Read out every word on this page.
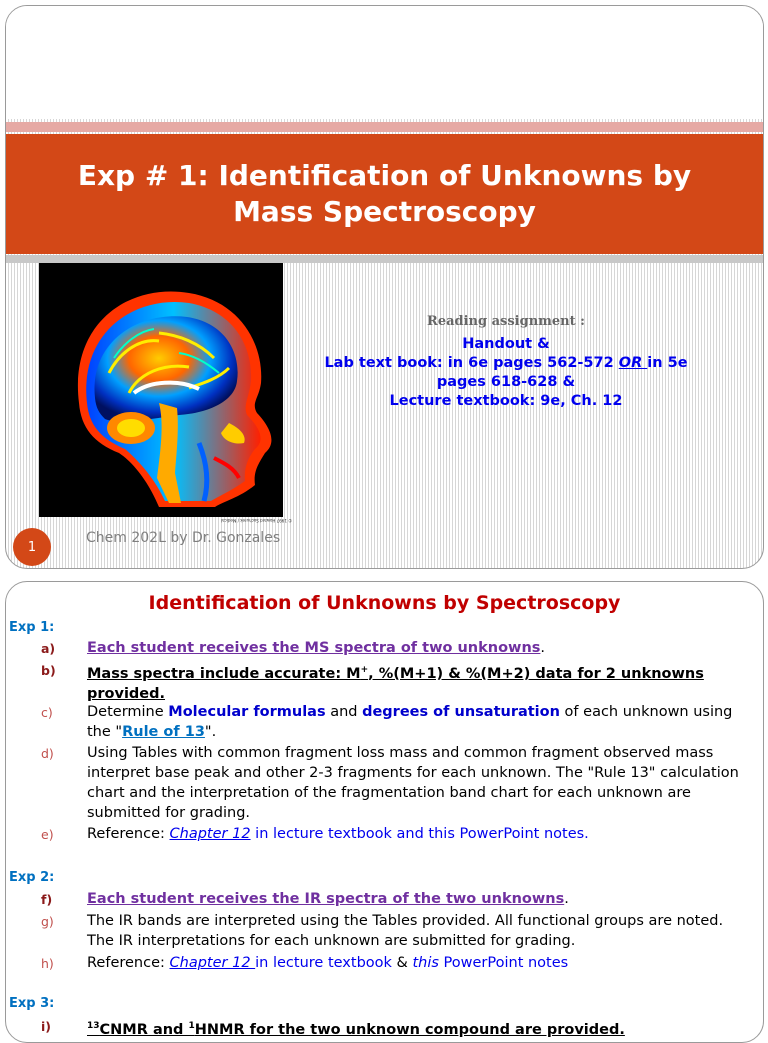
Exp # 1: Identification of Unknowns by Mass Spectroscopy
© 1997 Howard Sochurek / Medical
Reading assignment :
Handout &
Lab text book: in 6e pages 562-572 OR in 5e pages 618-628 &
Lecture textbook: 9e, Ch. 12
1
Chem 202L by Dr. Gonzales
Identification of Unknowns by Spectroscopy
Exp 1:
a) Each student receives the MS spectra of two unknowns.
b) Mass spectra include accurate: M+, %(M+1) & %(M+2) data for 2 unknowns provided.
c) Determine Molecular formulas and degrees of unsaturation of each unknown using the "Rule of 13".
d) Using Tables with common fragment loss mass and common fragment observed mass interpret base peak and other 2-3 fragments for each unknown. The "Rule 13" calculation chart and the interpretation of the fragmentation band chart for each unknown are submitted for grading.
e) Reference: Chapter 12 in lecture textbook and this PowerPoint notes.
Exp 2:
f) Each student receives the IR spectra of the two unknowns.
g) The IR bands are interpreted using the Tables provided. All functional groups are noted. The IR interpretations for each unknown are submitted for grading.
h) Reference: Chapter 12 in lecture textbook & this PowerPoint notes
Exp 3:
i)	$^{13}$CNMR and $^1$HNMR for the two unknown compound are provided.
